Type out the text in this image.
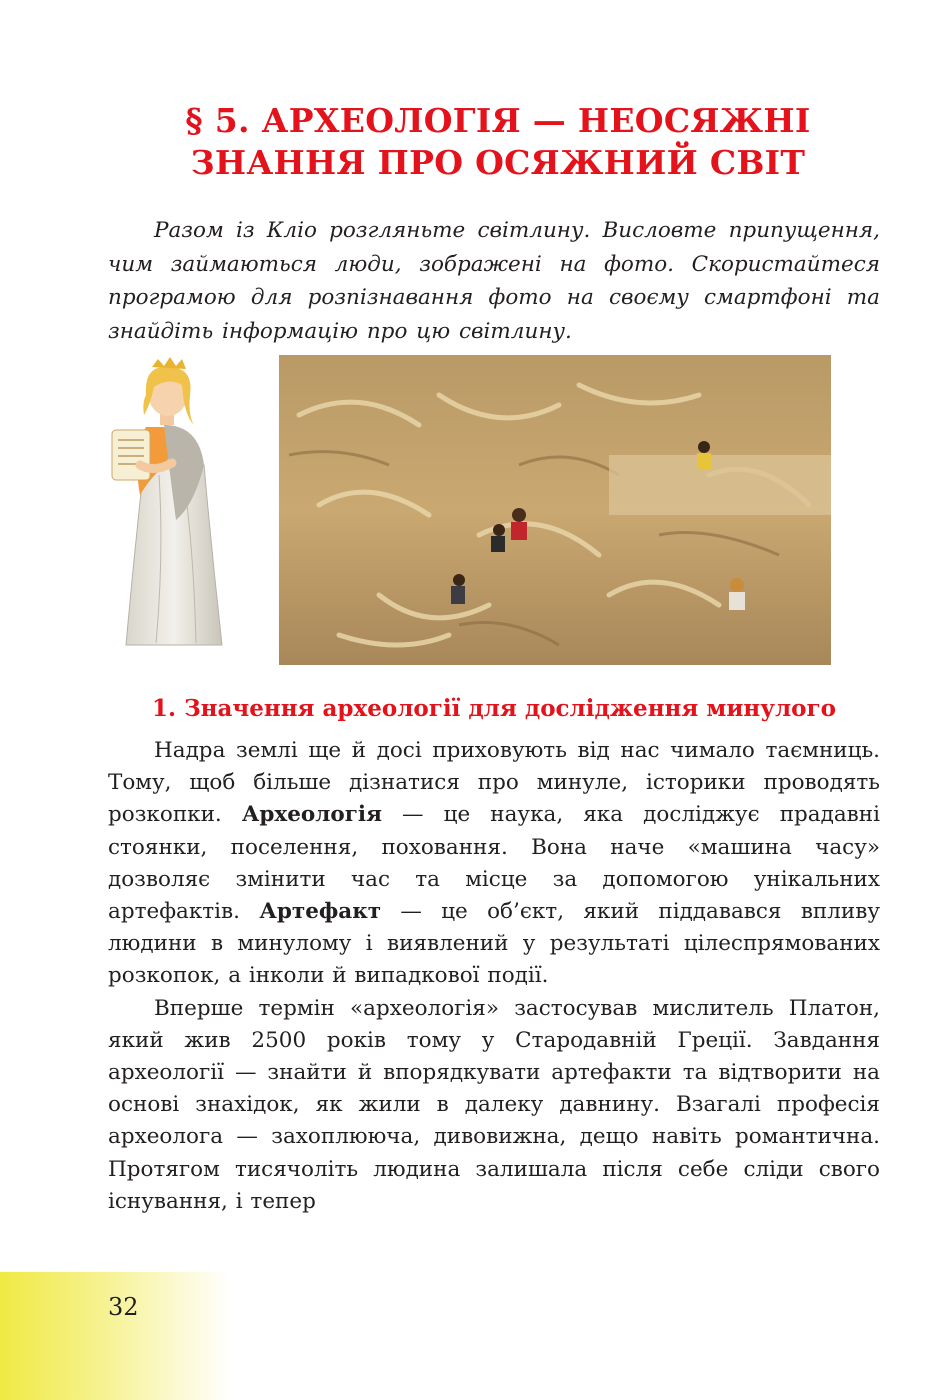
§ 5. АРХЕОЛОГІЯ — НЕОСЯЖНІ
ЗНАННЯ ПРО ОСЯЖНИЙ СВІТ

Разом із Кліо розгляньте світлину. Висловте припущення, чим займаються люди, зображені на фото. Скористайтеся програмою для розпізнавання фото на своєму смартфоні та знайдіть інформацію про цю світлину.

1. Значення археології для дослідження минулого

Надра землі ще й досі приховують від нас чимало таємниць. Тому, щоб більше дізнатися про минуле, історики проводять розкопки. Археологія — це наука, яка досліджує прадавні стоянки, поселення, поховання. Вона наче «машина часу» дозволяє змінити час та місце за допомогою унікальних артефактів. Артефакт — це об’єкт, який піддавався впливу людини в минулому і виявлений у результаті цілеспрямованих розкопок, а інколи й випадкової події.

Вперше термін «археологія» застосував мислитель Платон, який жив 2500 років тому у Стародавній Греції. Завдання археології — знайти й впорядкувати артефакти та відтворити на основі знахідок, як жили в далеку давнину. Взагалі професія археолога — захоплююча, дивовижна, дещо навіть романтична. Протягом тисячоліть людина залишала після себе сліди свого існування, і тепер

32
